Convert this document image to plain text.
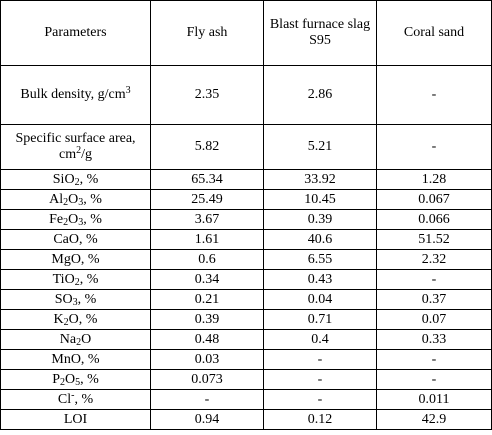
Parameters	Fly ash	Blast furnace slag S95	Coral sand
Bulk density, $g/cm^3$	2.35	2.86	-
Specific surface area, $cm^2/g$	5.82	5.21	-
SiO$_2$, %	65.34	33.92	1.28
$Al_2O_3$, %	25.49	10.45	0.067
$Fe_2O_3$, %	3.67	0.39	0.066
CaO, %	1.61	40.6	51.52
MgO, %	0.6	6.55	2.32
TiO$_2$, %	0.34	0.43	-
$SO_3$, %	0.21	0.04	0.37
$K_2O$, %	0.39	0.71	0.07
$Na_2O$	0.48	0.4	0.33
MnO, %	0.03	-	-
$P_2O_5$, %	0.073	-	-
Cl-, %	-	-	0.011
LOI	0.94	0.12	42.9
